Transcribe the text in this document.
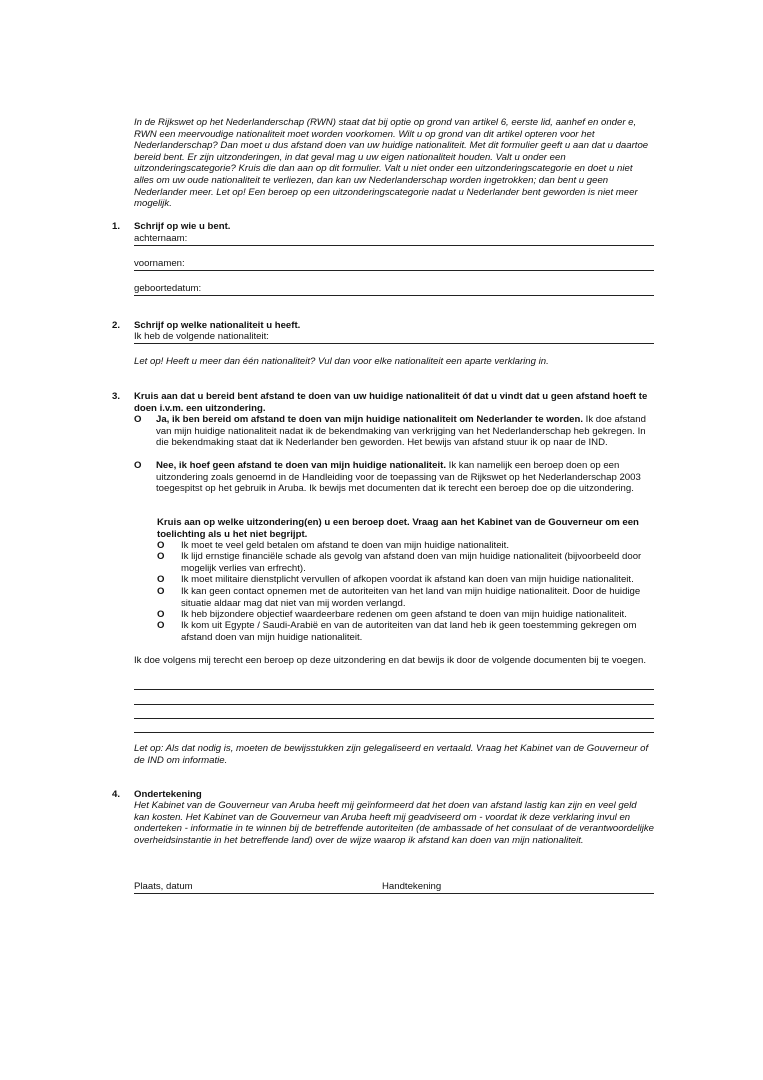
In de Rijkswet op het Nederlanderschap (RWN) staat dat bij optie op grond van artikel 6, eerste lid, aanhef en onder e, RWN een meervoudige nationaliteit moet worden voorkomen. Wilt u op grond van dit artikel opteren voor het Nederlanderschap? Dan moet u dus afstand doen van uw huidige nationaliteit. Met dit formulier geeft u aan dat u daartoe bereid bent. Er zijn uitzonderingen, in dat geval mag u uw eigen nationaliteit houden. Valt u onder een uitzonderingscategorie? Kruis die dan aan op dit formulier. Valt u niet onder een uitzonderingscategorie en doet u niet alles om uw oude nationaliteit te verliezen, dan kan uw Nederlanderschap worden ingetrokken; dan bent u geen Nederlander meer. Let op! Een beroep op een uitzonderingscategorie nadat u Nederlander bent geworden is niet meer mogelijk.
1. Schrijf op wie u bent.
achternaam:
voornamen:
geboortedatum:
2. Schrijf op welke nationaliteit u heeft.
Ik heb de volgende nationaliteit:
Let op! Heeft u meer dan één nationaliteit? Vul dan voor elke nationaliteit een aparte verklaring in.
3. Kruis aan dat u bereid bent afstand te doen van uw huidige nationaliteit óf dat u vindt dat u geen afstand hoeft te doen i.v.m. een uitzondering.
O	Ja, ik ben bereid om afstand te doen van mijn huidige nationaliteit om Nederlander te worden. Ik doe afstand van mijn huidige nationaliteit nadat ik de bekendmaking van verkrijging van het Nederlanderschap heb gekregen. In die bekendmaking staat dat ik Nederlander ben geworden. Het bewijs van afstand stuur ik op naar de IND.
O	Nee, ik hoef geen afstand te doen van mijn huidige nationaliteit. Ik kan namelijk een beroep doen op een uitzondering zoals genoemd in de Handleiding voor de toepassing van de Rijkswet op het Nederlanderschap 2003 toegespitst op het gebruik in Aruba. Ik bewijs met documenten dat ik terecht een beroep doe op die uitzondering.
Kruis aan op welke uitzondering(en) u een beroep doet. Vraag aan het Kabinet van de Gouverneur om een toelichting als u het niet begrijpt.
O	Ik moet te veel geld betalen om afstand te doen van mijn huidige nationaliteit.
O	Ik lijd ernstige financiële schade als gevolg van afstand doen van mijn huidige nationaliteit (bijvoorbeeld door mogelijk verlies van erfrecht).
O	Ik moet militaire dienstplicht vervullen of afkopen voordat ik afstand kan doen van mijn huidige nationaliteit.
O	Ik kan geen contact opnemen met de autoriteiten van het land van mijn huidige nationaliteit. Door de huidige situatie aldaar mag dat niet van mij worden verlangd.
O	Ik heb bijzondere objectief waardeerbare redenen om geen afstand te doen van mijn huidige nationaliteit.
O	Ik kom uit Egypte / Saudi-Arabië en van de autoriteiten van dat land heb ik geen toestemming gekregen om afstand doen van mijn huidige nationaliteit.
Ik doe volgens mij terecht een beroep op deze uitzondering en dat bewijs ik door de volgende documenten bij te voegen.
Let op: Als dat nodig is, moeten de bewijsstukken zijn gelegaliseerd en vertaald. Vraag het Kabinet van de Gouverneur of de IND om informatie.
4. Ondertekening
Het Kabinet van de Gouverneur van Aruba heeft mij geïnformeerd dat het doen van afstand lastig kan zijn en veel geld kan kosten. Het Kabinet van de Gouverneur van Aruba heeft mij geadviseerd om - voordat ik deze verklaring invul en onderteken - informatie in te winnen bij de betreffende autoriteiten (de ambassade of het consulaat of de verantwoordelijke overheidsinstantie in het betreffende land) over de wijze waarop ik afstand kan doen van mijn nationaliteit.
Plaats, datum	Handtekening
